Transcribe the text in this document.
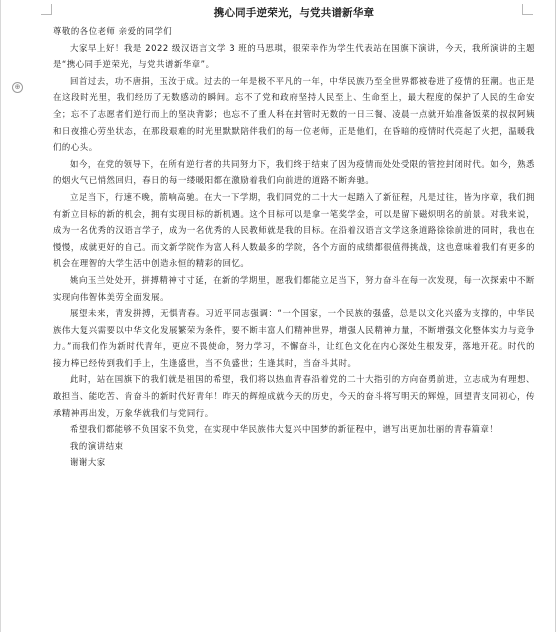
⊕

携心同手逆荣光，与党共谱新华章

尊敬的各位老师 亲爱的同学们

大家早上好！我是 2022 级汉语言文学 3 班的马思琪，很荣幸作为学生代表站在国旗下演讲，今天，我所演讲的主题是“携心同手逆荣光，与党共谱新华章”。

回首过去，功不唐捐，玉汝于成。过去的一年是极不平凡的一年，中华民族乃至全世界都被卷进了疫情的狂潮。也正是在这段时光里，我们经历了无数感动的瞬间。忘不了党和政府坚持人民至上、生命至上，最大程度的保护了人民的生命安全；忘不了志愿者们逆行而上的坚决背影；也忘不了重人科在封管时无数的一日三餐、凌晨一点就开始准备饭菜的叔叔阿姨和日夜推心劳坐状态，在那段艰难的时光里默默陪伴我们的每一位老师，正是他们，在昏暗的疫情时代亮起了火把，温暖我们的心头。

如今，在党的领导下，在所有逆行者的共同努力下，我们终于结束了因为疫情而处处受限的管控封闭时代。如今，熟悉的烟火气已悄然回归，春日的每一缕暖阳都在激励着我们向前进的道路不断奔驰。

立足当下，行速不晚，箭响高驰。在大一下学期，我们同党的二十大一起踏入了新征程，凡是过往，皆为序章，我们拥有新立目标的新的机会，拥有实现目标的新机遇。这个目标可以是拿一笔奖学金，可以是留下磁炽明名的前景。对我来说，成为一名优秀的汉语言学子，成为一名优秀的人民教师就是我的目标。在沿着汉语言文学这条道路徐徐前进的同时，我也在慢慢，成就更好的自己。而文新学院作为富人科人数最多的学院，各个方面的成绩都很值得挑战，这也意味着我们有更多的机会在理智的大学生活中创造永恒的精彩的回忆。

姚向玉兰处处开，拼搏精神寸寸延，在新的学期里，愿我们都能立足当下，努力奋斗在每一次发现，每一次探索中不断实现向伟智体美劳全面发展。

展望未来，青发拼搏，无惧青春。习近平同志强调：“一个国家，一个民族的强盛，总是以文化兴盛为支撑的，中华民族伟大复兴需要以中华文化发展繁荣为条件，要不断丰富人们精神世界，增强人民精神力量，不断增强文化整体实力与竞争力。”而我们作为新时代青年，更应不畏使命，努力学习，不懈奋斗，让红色文化在内心深处生根发芽，落地开花。时代的接力棒已经传到我们手上，生逢盛世，当不负盛世；生逢其时，当奋斗其时。

此时，站在国旗下的我们就是祖国的希望，我们将以热血青春沿着党的二十大指引的方向奋勇前进，立志成为有理想、敢担当、能吃苦、肯奋斗的新时代好青年！昨天的辉煌成就今天的历史，今天的奋斗将写明天的辉煌，回望青支同初心，传承精神再出发，万象华就我们与党同行。

希望我们都能够不负国家不负党，在实现中华民族伟大复兴中国梦的新征程中，谱写出更加壮丽的青春篇章！

我的演讲结束

谢谢大家
